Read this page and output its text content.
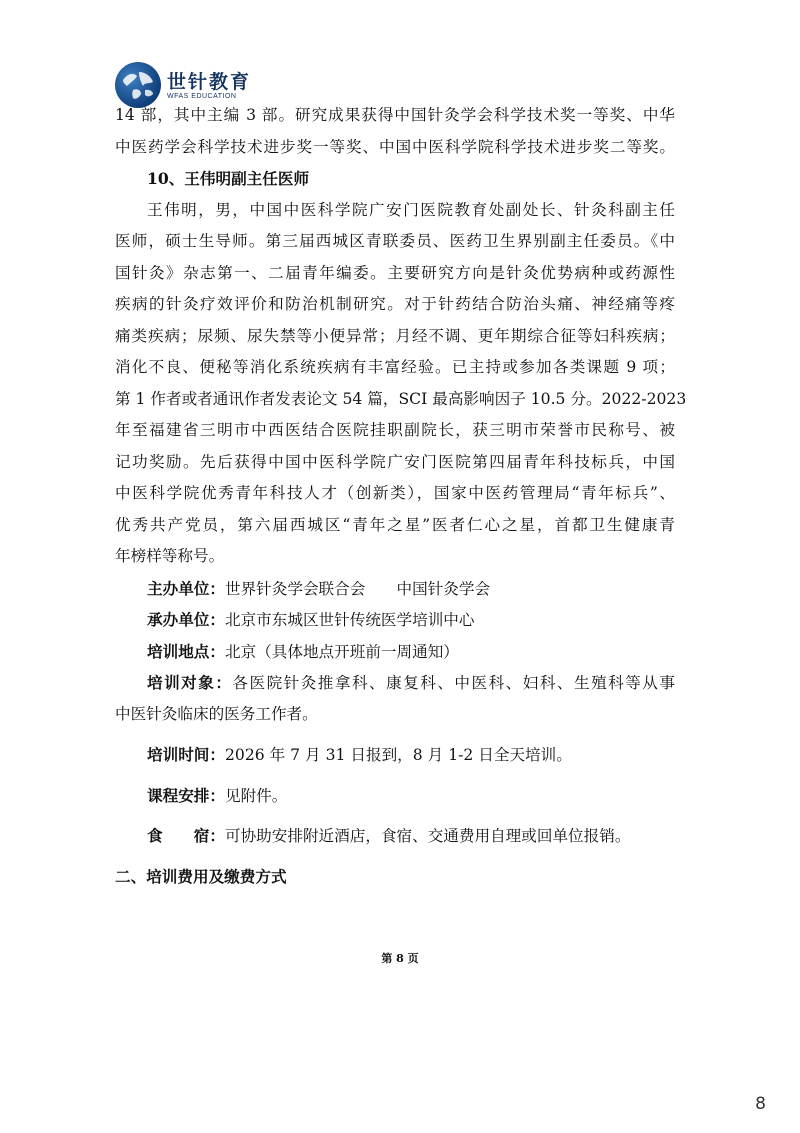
世针教育
WFAS EDUCATION
14 部，其中主编 3 部。研究成果获得中国针灸学会科学技术奖一等奖、中华
中医药学会科学技术进步奖一等奖、中国中医科学院科学技术进步奖二等奖。
10、王伟明副主任医师
王伟明，男，中国中医科学院广安门医院教育处副处长、针灸科副主任
医师，硕士生导师。第三届西城区青联委员、医药卫生界别副主任委员。《中
国针灸》杂志第一、二届青年编委。主要研究方向是针灸优势病种或药源性
疾病的针灸疗效评价和防治机制研究。对于针药结合防治头痛、神经痛等疼
痛类疾病；尿频、尿失禁等小便异常；月经不调、更年期综合征等妇科疾病；
消化不良、便秘等消化系统疾病有丰富经验。已主持或参加各类课题 9 项；
第 1 作者或者通讯作者发表论文 54 篇，SCI 最高影响因子 10.5 分。2022-2023
年至福建省三明市中西医结合医院挂职副院长，获三明市荣誉市民称号、被
记功奖励。先后获得中国中医科学院广安门医院第四届青年科技标兵，中国
中医科学院优秀青年科技人才（创新类），国家中医药管理局“青年标兵”、
优秀共产党员，第六届西城区“青年之星”医者仁心之星，首都卫生健康青
年榜样等称号。
主办单位：世界针灸学会联合会　　中国针灸学会
承办单位：北京市东城区世针传统医学培训中心
培训地点：北京（具体地点开班前一周通知）
培训对象：各医院针灸推拿科、康复科、中医科、妇科、生殖科等从事
中医针灸临床的医务工作者。
培训时间：2026 年 7 月 31 日报到，8 月 1-2 日全天培训。
课程安排：见附件。
食　　宿：可协助安排附近酒店，食宿、交通费用自理或回单位报销。
二、培训费用及缴费方式
第 8 页
8
